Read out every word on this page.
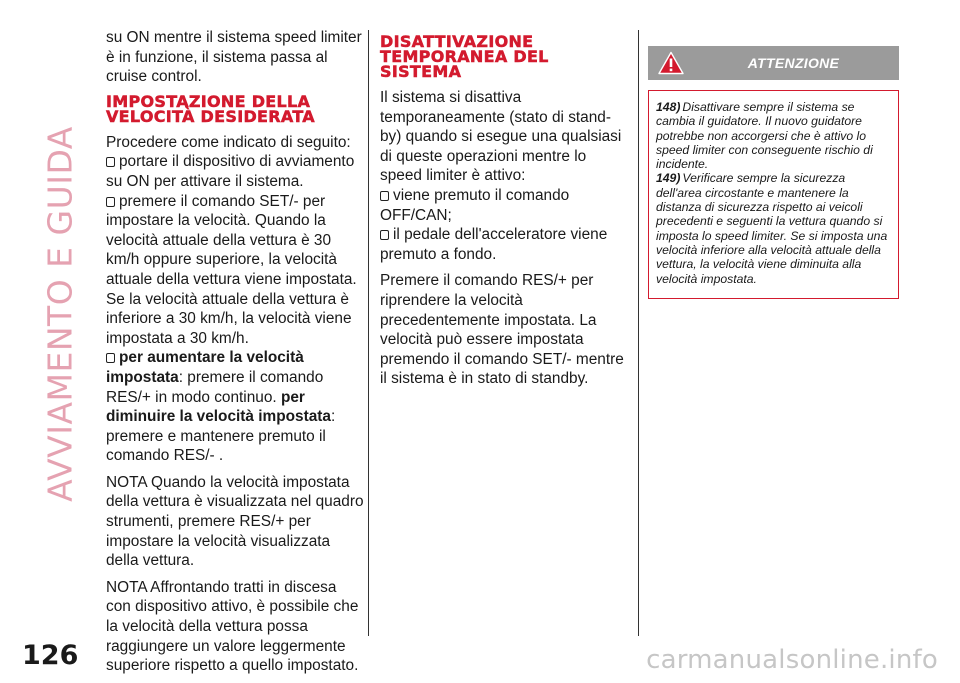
AVVIAMENTO E GUIDA
126

su ON mentre il sistema speed limiter è in funzione, il sistema passa al cruise control.

IMPOSTAZIONE DELLA VELOCITÀ DESIDERATA

Procedere come indicato di seguito:

portare il dispositivo di avviamento su ON per attivare il sistema.

premere il comando SET/- per impostare la velocità. Quando la velocità attuale della vettura è 30 km/h oppure superiore, la velocità attuale della vettura viene impostata. Se la velocità attuale della vettura è inferiore a 30 km/h, la velocità viene impostata a 30 km/h.

per aumentare la velocità impostata: premere il comando RES/+ in modo continuo. per diminuire la velocità impostata: premere e mantenere premuto il comando RES/- .

NOTA Quando la velocità impostata della vettura è visualizzata nel quadro strumenti, premere RES/+ per impostare la velocità visualizzata della vettura.

NOTA Affrontando tratti in discesa con dispositivo attivo, è possibile che la velocità della vettura possa raggiungere un valore leggermente superiore rispetto a quello impostato.

DISATTIVAZIONE TEMPORANEA DEL SISTEMA

Il sistema si disattiva temporaneamente (stato di stand-by) quando si esegue una qualsiasi di queste operazioni mentre lo speed limiter è attivo:

viene premuto il comando OFF/CAN;

il pedale dell'acceleratore viene premuto a fondo.

Premere il comando RES/+ per riprendere la velocità precedentemente impostata. La velocità può essere impostata premendo il comando SET/- mentre il sistema è in stato di standby.

ATTENZIONE

148) Disattivare sempre il sistema se cambia il guidatore. Il nuovo guidatore potrebbe non accorgersi che è attivo lo speed limiter con conseguente rischio di incidente.

149) Verificare sempre la sicurezza dell'area circostante e mantenere la distanza di sicurezza rispetto ai veicoli precedenti e seguenti la vettura quando si imposta lo speed limiter. Se si imposta una velocità inferiore alla velocità attuale della vettura, la velocità viene diminuita alla velocità impostata.

carmanualsonline.info
